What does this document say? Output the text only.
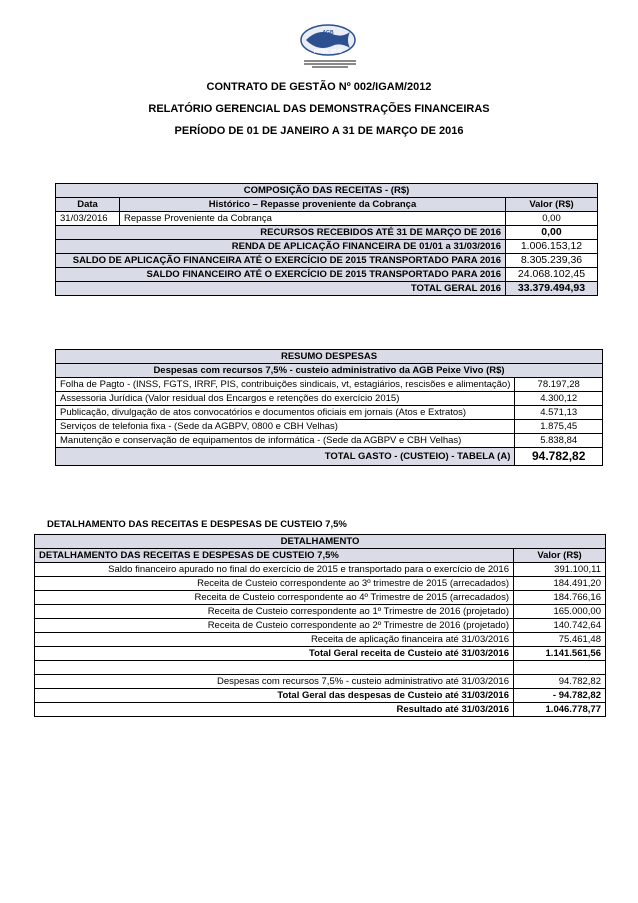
AGB
PEIXE VIVO
CONTRATO DE GESTÃO Nº 002/IGAM/2012
RELATÓRIO GERENCIAL DAS DEMONSTRAÇÕES FINANCEIRAS
PERÍODO DE 01 DE JANEIRO A 31 DE MARÇO DE 2016
COMPOSIÇÃO DAS RECEITAS - (R$)		
Data	Histórico – Repasse proveniente da Cobrança	Valor (R$)
31/03/2016	Repasse Proveniente da Cobrança	0,00
RECURSOS RECEBIDOS ATÉ 31 DE MARÇO DE 2016		0,00
RENDA DE APLICAÇÃO FINANCEIRA DE 01/01 a 31/03/2016		1.006.153,12
SALDO DE APLICAÇÃO FINANCEIRA ATÉ O EXERCÍCIO DE 2015 TRANSPORTADO PARA 2016		8.305.239,36
SALDO FINANCEIRO ATÉ O EXERCÍCIO DE 2015 TRANSPORTADO PARA 2016		24.068.102,45
TOTAL GERAL 2016		33.379.494,93
RESUMO DESPESAS	
Despesas com recursos 7,5% - custeio administrativo da AGB Peixe Vivo (R$)	
Folha de Pagto - (INSS, FGTS, IRRF, PIS, contribuições sindicais, vt, estagiários, rescisões e alimentação)	78.197,28
Assessoria Jurídica (Valor residual dos Encargos e retenções do exercício 2015)	4.300,12
Publicação, divulgação de atos convocatórios e documentos oficiais em jornais (Atos e Extratos)	4.571,13
Serviços de telefonia fixa - (Sede da AGBPV, 0800 e CBH Velhas)	1.875,45
Manutenção e conservação de equipamentos de informática - (Sede da AGBPV e CBH Velhas)	5.838,84
TOTAL GASTO - (CUSTEIO) - TABELA (A)	94.782,82
DETALHAMENTO DAS RECEITAS E DESPESAS DE CUSTEIO 7,5%
DETALHAMENTO	
DETALHAMENTO DAS RECEITAS E DESPESAS DE CUSTEIO 7,5%	Valor (R$)
Saldo financeiro apurado no final do exercício de 2015 e transportado para o exercício de 2016	391.100,11
Receita de Custeio correspondente ao 3º trimestre de 2015 (arrecadados)	184.491,20
Receita de Custeio correspondente ao 4º Trimestre de 2015 (arrecadados)	184.766,16
Receita de Custeio correspondente ao 1º Trimestre de 2016 (projetado)	165.000,00
Receita de Custeio correspondente ao 2º Trimestre de 2016 (projetado)	140.742,64
Receita de aplicação financeira até 31/03/2016	75.461,48
Total Geral receita de Custeio até 31/03/2016	1.141.561,56

Despesas com recursos 7,5% - custeio administrativo até 31/03/2016	94.782,82
Total Geral das despesas de Custeio até 31/03/2016	- 94.782,82
Resultado até 31/03/2016	1.046.778,77
